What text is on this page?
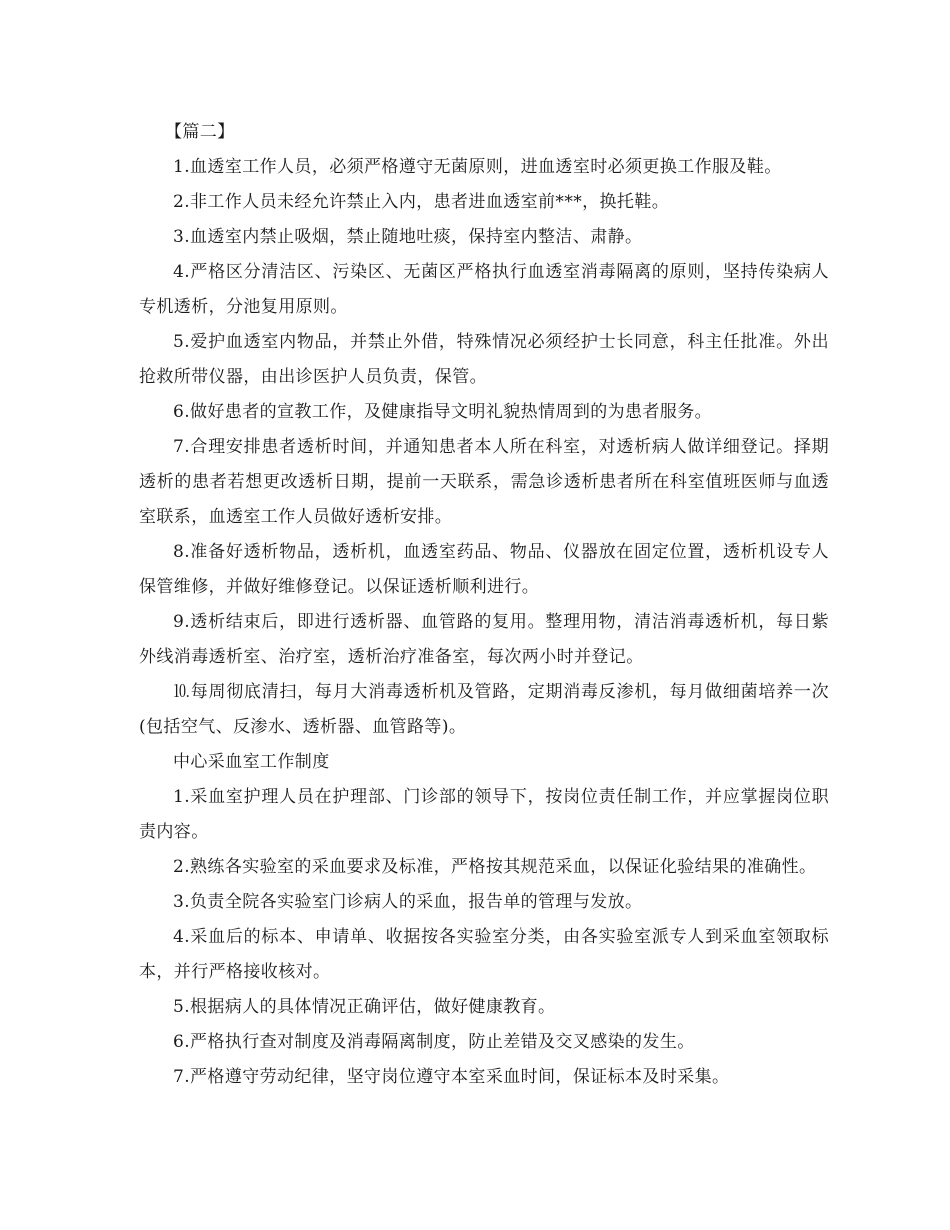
【篇二】

1.血透室工作人员，必须严格遵守无菌原则，进血透室时必须更换工作服及鞋。

2.非工作人员未经允许禁止入内，患者进血透室前***，换托鞋。

3.血透室内禁止吸烟，禁止随地吐痰，保持室内整洁、肃静。

4.严格区分清洁区、污染区、无菌区严格执行血透室消毒隔离的原则，坚持传染病人专机透析，分池复用原则。

5.爱护血透室内物品，并禁止外借，特殊情况必须经护士长同意，科主任批准。外出抢救所带仪器，由出诊医护人员负责，保管。

6.做好患者的宣教工作，及健康指导文明礼貌热情周到的为患者服务。

7.合理安排患者透析时间，并通知患者本人所在科室，对透析病人做详细登记。择期透析的患者若想更改透析日期，提前一天联系，需急诊透析患者所在科室值班医师与血透室联系，血透室工作人员做好透析安排。

8.准备好透析物品，透析机，血透室药品、物品、仪器放在固定位置，透析机设专人保管维修，并做好维修登记。以保证透析顺利进行。

9.透析结束后，即进行透析器、血管路的复用。整理用物，清洁消毒透析机，每日紫外线消毒透析室、治疗室，透析治疗准备室，每次两小时并登记。

⒑每周彻底清扫，每月大消毒透析机及管路，定期消毒反渗机，每月做细菌培养一次(包括空气、反渗水、透析器、血管路等)。

中心采血室工作制度

1.采血室护理人员在护理部、门诊部的领导下，按岗位责任制工作，并应掌握岗位职责内容。

2.熟练各实验室的采血要求及标准，严格按其规范采血，以保证化验结果的准确性。

3.负责全院各实验室门诊病人的采血，报告单的管理与发放。

4.采血后的标本、申请单、收据按各实验室分类，由各实验室派专人到采血室领取标本，并行严格接收核对。

5.根据病人的具体情况正确评估，做好健康教育。

6.严格执行查对制度及消毒隔离制度，防止差错及交叉感染的发生。

7.严格遵守劳动纪律，坚守岗位遵守本室采血时间，保证标本及时采集。
